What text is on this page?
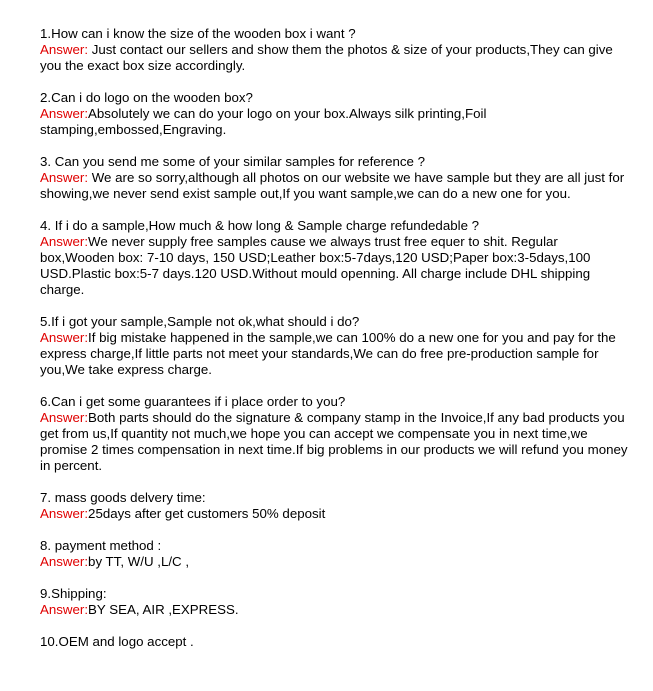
1.How can i know the size of the wooden box i want ?
Answer: Just contact our sellers and show them the photos & size of your products,They can give you the exact box size accordingly.
2.Can i do logo on the wooden box?
Answer:Absolutely we can do your logo on your box.Always silk printing,Foil stamping,embossed,Engraving.
3. Can you send me some of your similar samples for reference ?
Answer: We are so sorry,although all photos on our website we have sample but they are all just for showing,we never send exist sample out,If you want sample,we can do a new one for you.
4. If i do a sample,How much & how long & Sample charge refundedable ?
Answer:We never supply free samples cause we always trust free equer to shit. Regular box,Wooden box: 7-10 days, 150 USD;Leather box:5-7days,120 USD;Paper box:3-5days,100 USD.Plastic box:5-7 days.120 USD.Without mould openning. All charge include DHL shipping charge.
5.If i got your sample,Sample not ok,what should i do?
Answer:If big mistake happened in the sample,we can 100% do a new one for you and pay for the express charge,If little parts not meet your standards,We can do free pre-production sample for you,We take express charge.
6.Can i get some guarantees if i place order to you?
Answer:Both parts should do the signature & company stamp in the Invoice,If any bad products you get from us,If quantity not much,we hope you can accept we compensate you in next time,we promise 2 times compensation in next time.If big problems in our products we will refund you money in percent.
7. mass goods delvery time:
Answer:25days after get customers 50% deposit
8. payment method :
Answer:by TT, W/U ,L/C ,
9.Shipping:
Answer:BY SEA, AIR ,EXPRESS.
10.OEM and logo accept .
